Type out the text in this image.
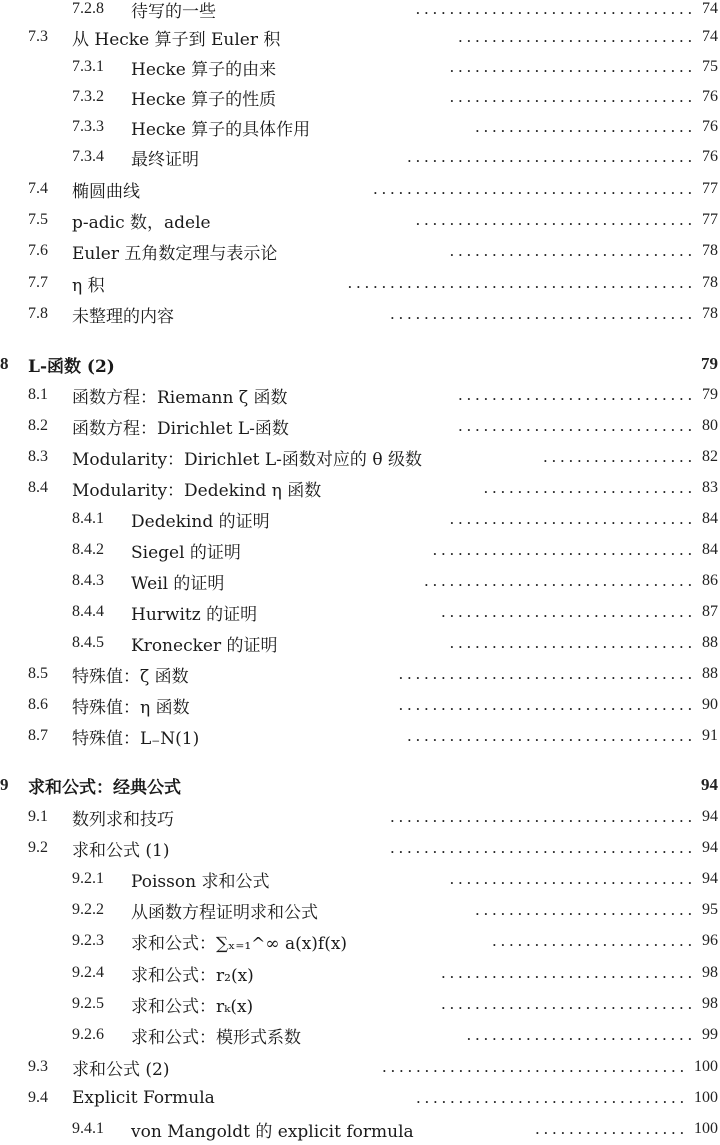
7.2.8 待写的一些	74
. . . . . . . . . . . . . . . . . . . . . . . . . . . . . . . . .
7.3 从 Hecke 算子到 Euler 积	74
. . . . . . . . . . . . . . . . . . . . . . . . . . . .
7.3.1 Hecke 算子的由来	75
. . . . . . . . . . . . . . . . . . . . . . . . . . . . .
7.3.2 Hecke 算子的性质	76
. . . . . . . . . . . . . . . . . . . . . . . . . . . . .
7.3.3 Hecke 算子的具体作用	76
. . . . . . . . . . . . . . . . . . . . . . . . . .
7.3.4 最终证明	76
. . . . . . . . . . . . . . . . . . . . . . . . . . . . . . . . . .
7.4 椭圆曲线	77
. . . . . . . . . . . . . . . . . . . . . . . . . . . . . . . . . . . . . .
7.5 p-adic 数，adele	77
. . . . . . . . . . . . . . . . . . . . . . . . . . . . . . . . .
7.6 Euler 五角数定理与表示论	78
. . . . . . . . . . . . . . . . . . . . . . . . . . . . .
7.7 η 积	78
. . . . . . . . . . . . . . . . . . . . . . . . . . . . . . . . . . . . . . . . .
7.8 未整理的内容	78
. . . . . . . . . . . . . . . . . . . . . . . . . . . . . . . . . . . .
8 L-函数 (2)	79
8.1 函数方程：Riemann ζ 函数	79
. . . . . . . . . . . . . . . . . . . . . . . . . . . .
8.2 函数方程：Dirichlet L-函数	80
. . . . . . . . . . . . . . . . . . . . . . . . . . . .
8.3 Modularity：Dirichlet L-函数对应的 θ 级数	82
. . . . . . . . . . . . . . . . . .
8.4 Modularity：Dedekind η 函数	83
. . . . . . . . . . . . . . . . . . . . . . . . .
8.4.1 Dedekind 的证明	84
. . . . . . . . . . . . . . . . . . . . . . . . . . . . .
8.4.2 Siegel 的证明	84
. . . . . . . . . . . . . . . . . . . . . . . . . . . . . . .
8.4.3 Weil 的证明	86
. . . . . . . . . . . . . . . . . . . . . . . . . . . . . . . .
8.4.4 Hurwitz 的证明	87
. . . . . . . . . . . . . . . . . . . . . . . . . . . . . .
8.4.5 Kronecker 的证明	88
. . . . . . . . . . . . . . . . . . . . . . . . . . . . .
8.5 特殊值：ζ 函数	88
. . . . . . . . . . . . . . . . . . . . . . . . . . . . . . . . . . .
8.6 特殊值：η 函数	90
. . . . . . . . . . . . . . . . . . . . . . . . . . . . . . . . . . .
8.7 特殊值：L₋N(1)	91
. . . . . . . . . . . . . . . . . . . . . . . . . . . . . . . . . .
9 求和公式：经典公式	94
9.1 数列求和技巧	94
. . . . . . . . . . . . . . . . . . . . . . . . . . . . . . . . . . . .
9.2 求和公式 (1)	94
. . . . . . . . . . . . . . . . . . . . . . . . . . . . . . . . . . . .
9.2.1 Poisson 求和公式	94
. . . . . . . . . . . . . . . . . . . . . . . . . . . . .
9.2.2 从函数方程证明求和公式	95
. . . . . . . . . . . . . . . . . . . . . . . . . .
9.2.3 求和公式：∑ₓ₌₁^∞ a(x)f(x)	96
. . . . . . . . . . . . . . . . . . . . . . . .
9.2.4 求和公式：r₂(x)	98
. . . . . . . . . . . . . . . . . . . . . . . . . . . . . .
9.2.5 求和公式：rₖ(x)	98
. . . . . . . . . . . . . . . . . . . . . . . . . . . . . .
9.2.6 求和公式：模形式系数	99
. . . . . . . . . . . . . . . . . . . . . . . . . . .
9.3 求和公式 (2)	100
. . . . . . . . . . . . . . . . . . . . . . . . . . . . . . . . . . . .
9.4 Explicit Formula	100
. . . . . . . . . . . . . . . . . . . . . . . . . . . . . . . .
9.4.1 von Mangoldt 的 explicit formula	100
. . . . . . . . . . . . . . . . . .
